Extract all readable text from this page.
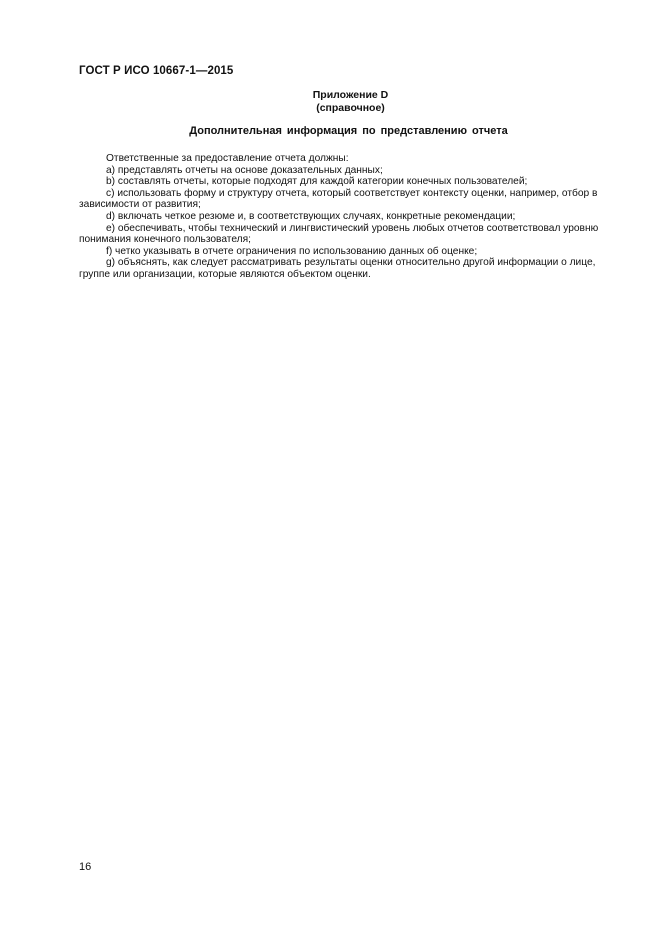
ГОСТ Р ИСО 10667-1—2015
Приложение D
(справочное)
Дополнительная информация по представлению отчета
Ответственные за предоставление отчета должны:
a) представлять отчеты на основе доказательных данных;
b) составлять отчеты, которые подходят для каждой категории конечных пользователей;
c) использовать форму и структуру отчета, который соответствует контексту оценки, например, отбор в
зависимости от развития;
d) включать четкое резюме и, в соответствующих случаях, конкретные рекомендации;
e) обеспечивать, чтобы технический и лингвистический уровень любых отчетов соответствовал уровню
понимания конечного пользователя;
f) четко указывать в отчете ограничения по использованию данных об оценке;
g) объяснять, как следует рассматривать результаты оценки относительно другой информации о лице,
группе или организации, которые являются объектом оценки.
16
